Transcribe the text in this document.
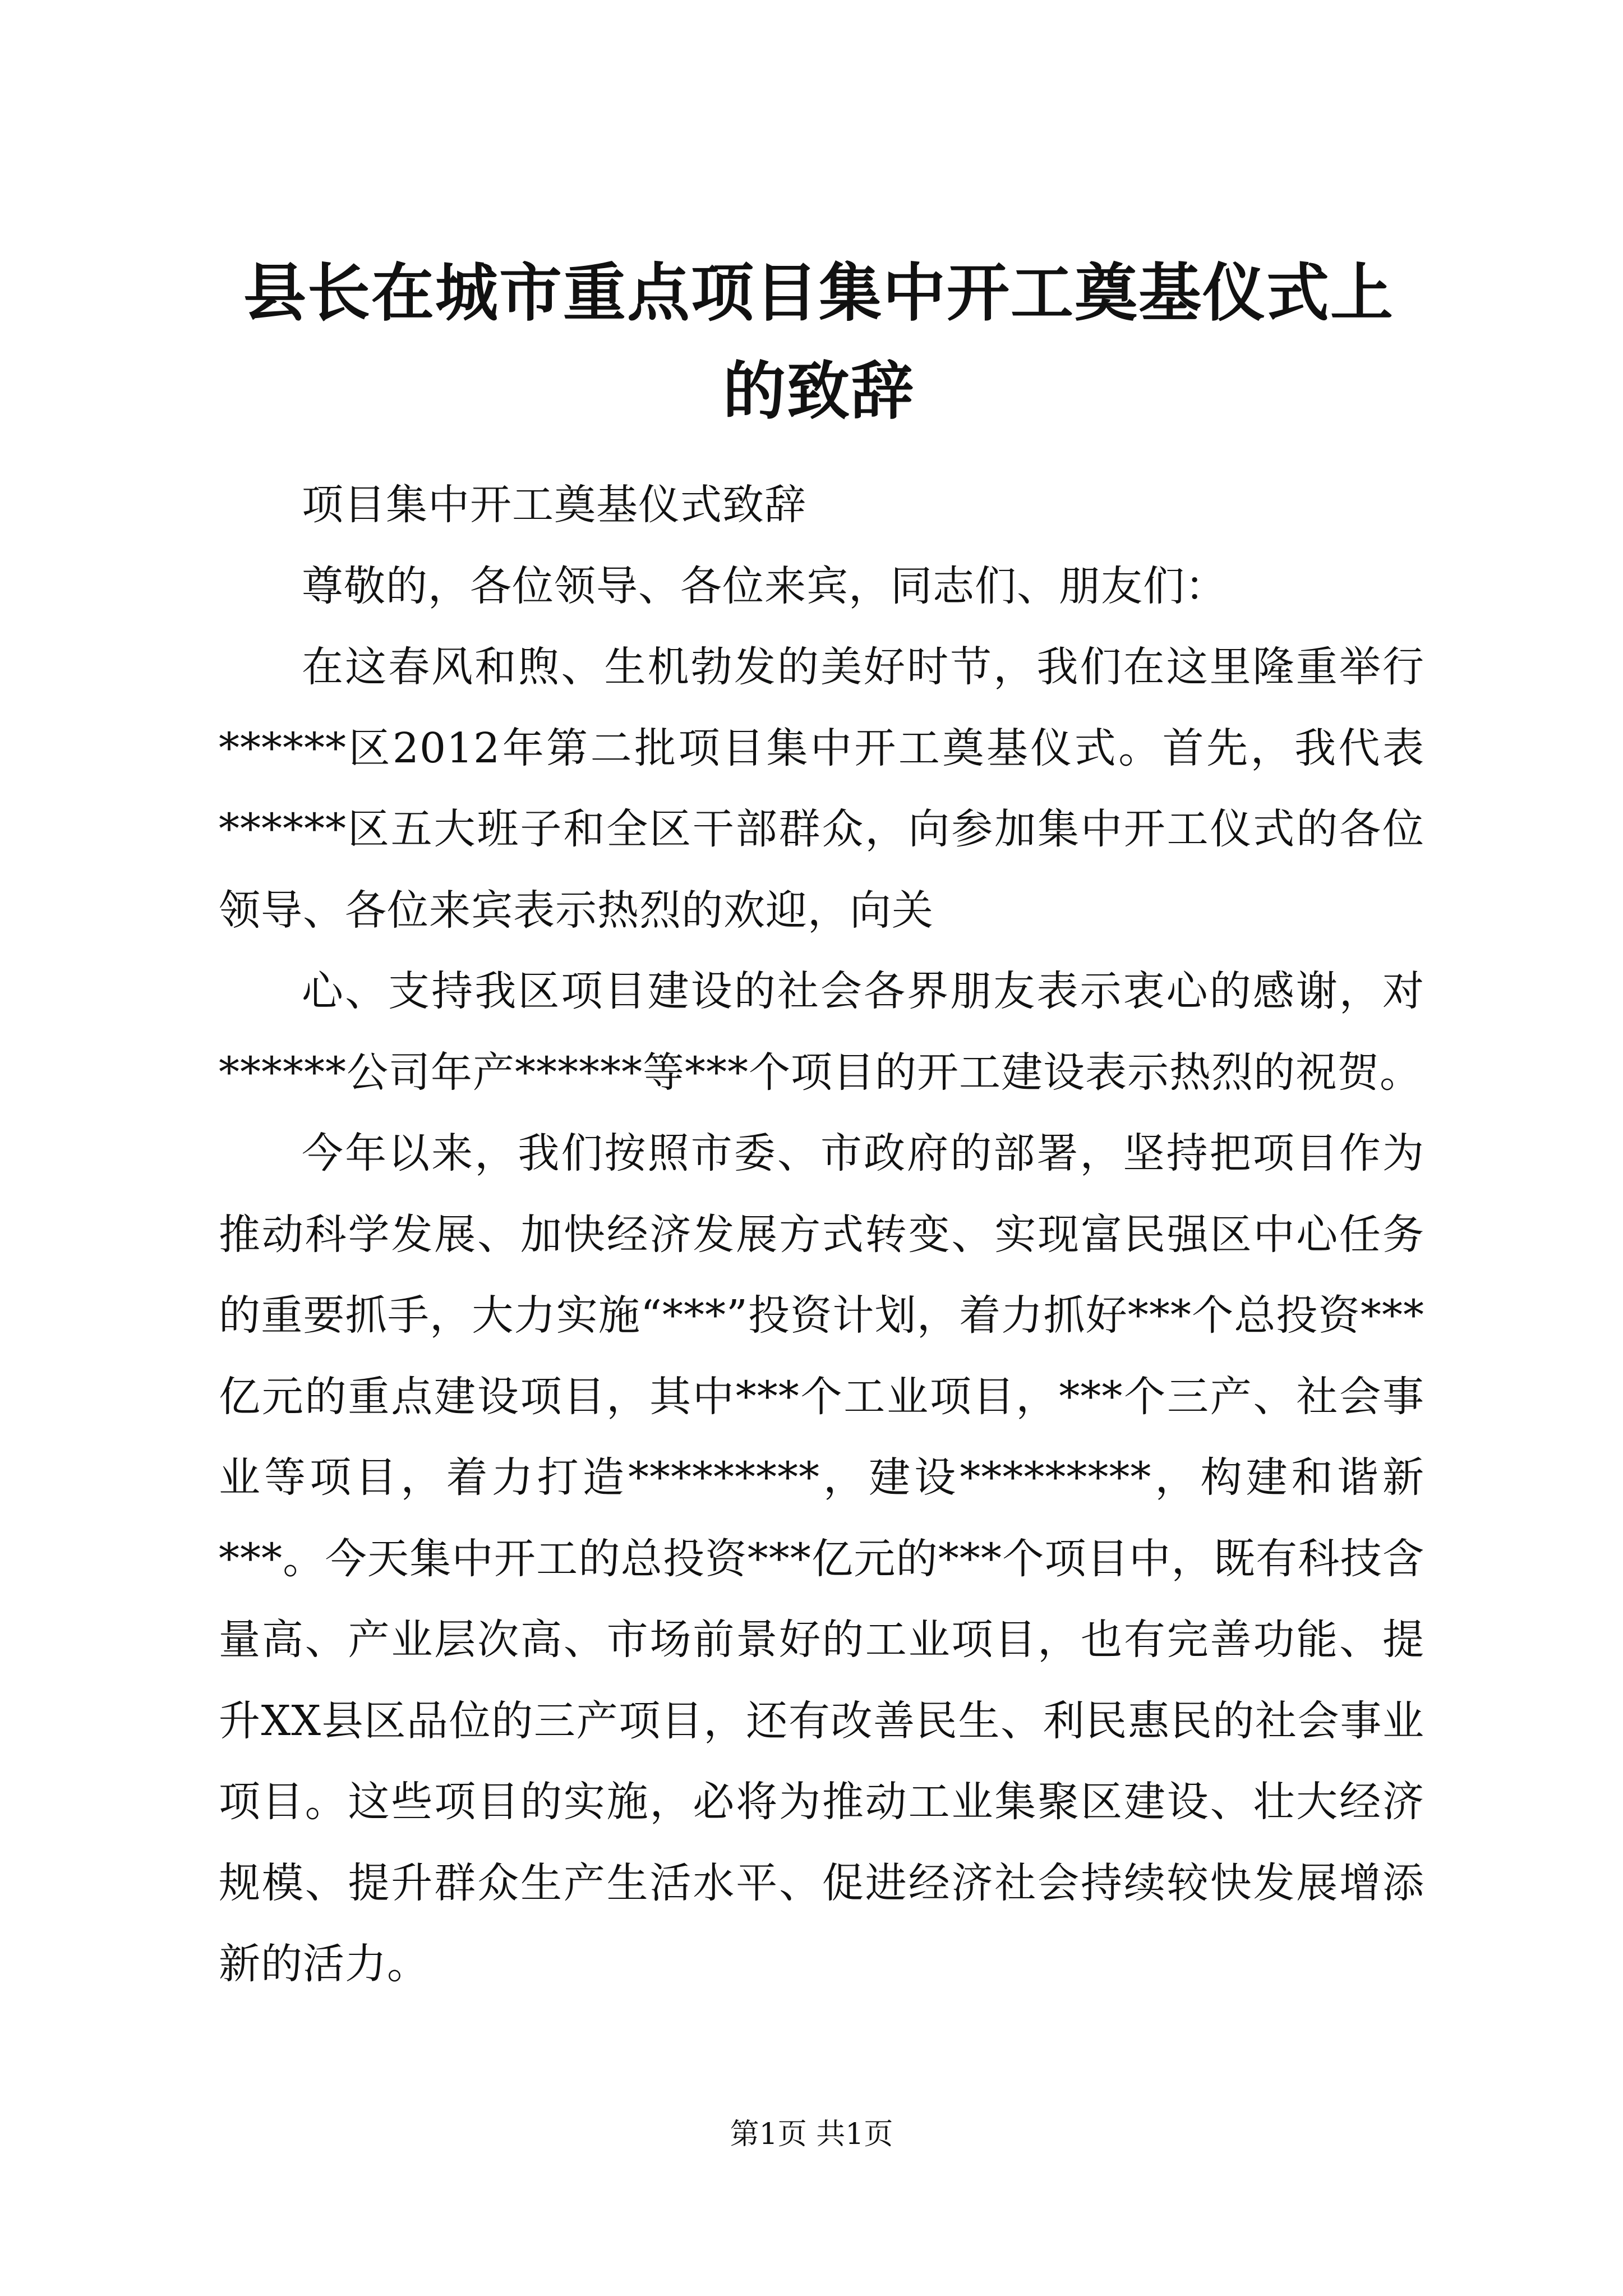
县长在城市重点项目集中开工奠基仪式上的致辞

项目集中开工奠基仪式致辞

尊敬的，各位领导、各位来宾，同志们、朋友们：

在这春风和煦、生机勃发的美好时节，我们在这里隆重举行******区2012年第二批项目集中开工奠基仪式。首先，我代表******区五大班子和全区干部群众，向参加集中开工仪式的各位领导、各位来宾表示热烈的欢迎，向关

心、支持我区项目建设的社会各界朋友表示衷心的感谢，对******公司年产******等***个项目的开工建设表示热烈的祝贺。

今年以来，我们按照市委、市政府的部署，坚持把项目作为推动科学发展、加快经济发展方式转变、实现富民强区中心任务的重要抓手，大力实施“***”投资计划，着力抓好***个总投资***亿元的重点建设项目，其中***个工业项目，***个三产、社会事业等项目，着力打造*********，建设*********，构建和谐新***。今天集中开工的总投资***亿元的***个项目中，既有科技含量高、产业层次高、市场前景好的工业项目，也有完善功能、提升XX县区品位的三产项目，还有改善民生、利民惠民的社会事业项目。这些项目的实施，必将为推动工业集聚区建设、壮大经济规模、提升群众生产生活水平、促进经济社会持续较快发展增添新的活力。

第1页 共1页
